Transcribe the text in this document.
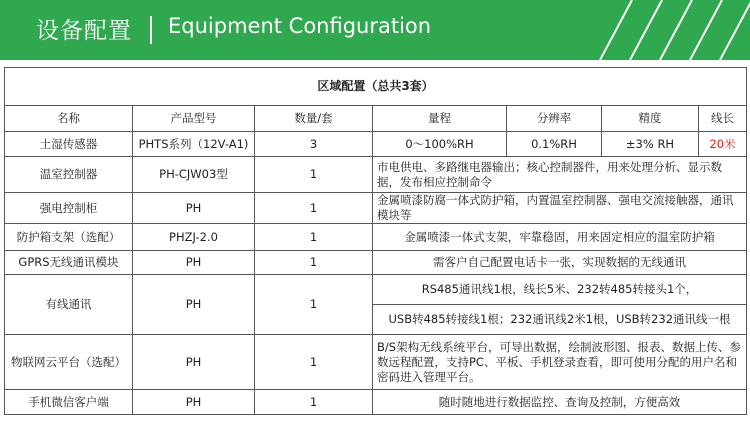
设备配置 Equipment Configuration
区域配置（总共3套）						
名称	产品型号	数量/套	量程	分辨率	精度	线长
土湿传感器	PHTS系列（12V-A1)	3	0～100%RH	0.1%RH	±3% RH	20米
温室控制器	PH-CJW03型	1	市电供电、多路继电器输出；核心控制器件，用来处理分析、显示数据，发布相应控制命令			
强电控制柜	PH	1	金属喷漆防腐一体式防护箱，内置温室控制器、强电交流接触器，通讯模块等			
防护箱支架（选配）	PHZJ-2.0	1	金属喷漆一体式支架，牢靠稳固，用来固定相应的温室防护箱			
GPRS无线通讯模块	PH	1	需客户自己配置电话卡一张，实现数据的无线通讯			
有线通讯	PH	1	RS485通讯线1根，线长5米、232转485转接头1个，			
			USB转485转接线1根；232通讯线2米1根，USB转232通讯线一根			
物联网云平台（选配）	PH	1	B/S架构无线系统平台，可导出数据，绘制波形图、报表、数据上传、参数远程配置，支持PC、平板、手机登录查看，即可使用分配的用户名和密码进入管理平台。			
手机微信客户端	PH	1	随时随地进行数据监控、查询及控制，方便高效			
